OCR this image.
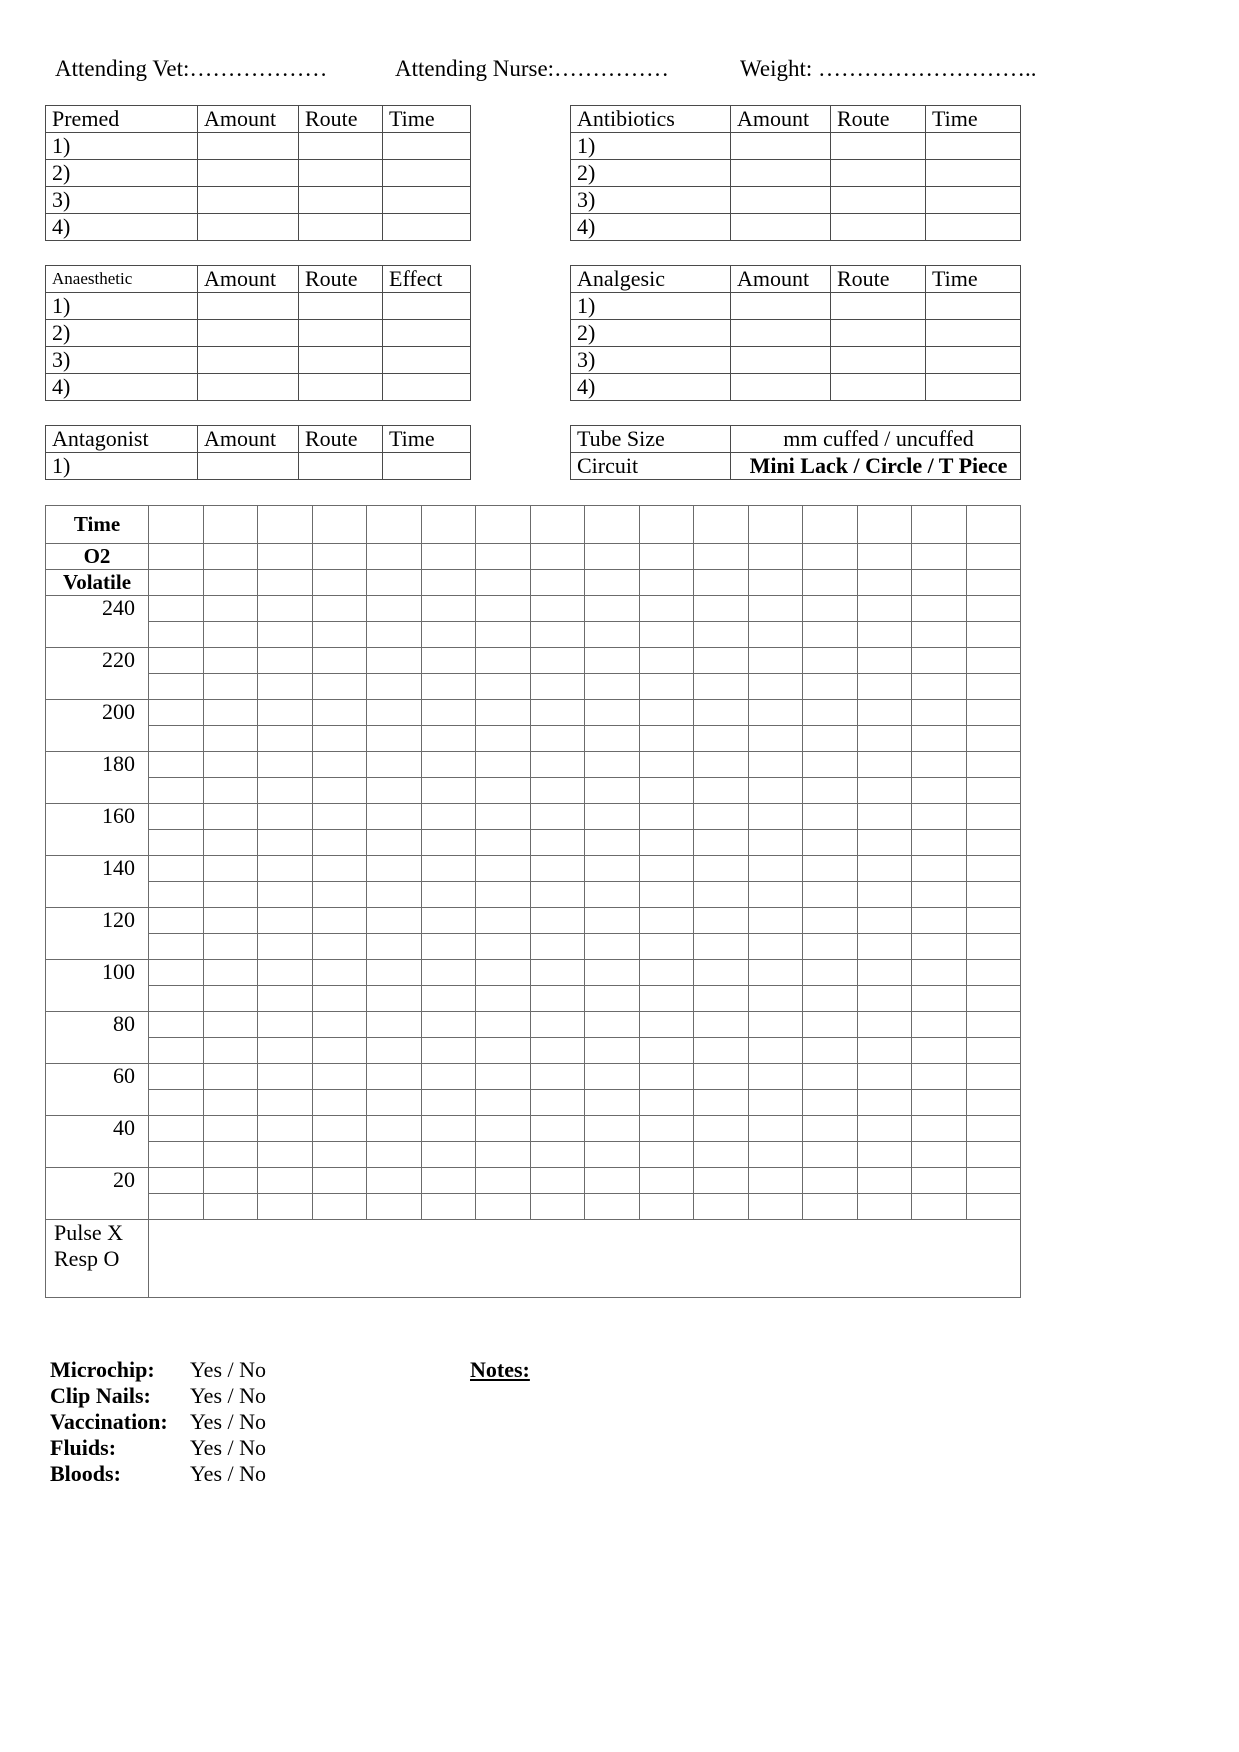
Attending Vet:………………	Attending Nurse:……………	Weight: ………………………..
Premed	Amount	Route	Time
1)			
2)			
3)			
4)			
Antibiotics	Amount	Route	Time
1)			
2)			
3)			
4)			
Anaesthetic	Amount	Route	Effect
1)			
2)			
3)			
4)			
Analgesic	Amount	Route	Time
1)			
2)			
3)			
4)			
Antagonist	Amount	Route	Time
1)			
Tube Size	mm cuffed / uncuffed
Circuit	Mini Lack / Circle / T Piece
Time																
O2																
Volatile																
240																

220																

200																

180																

160																

140																

120																

100																

80																

60																

40																

20																

Pulse X
Resp O																

Microchip:	Yes / No	Notes:
Clip Nails:	Yes / No	
Vaccination:	Yes / No	
Fluids:	Yes / No	
Bloods:	Yes / No	
